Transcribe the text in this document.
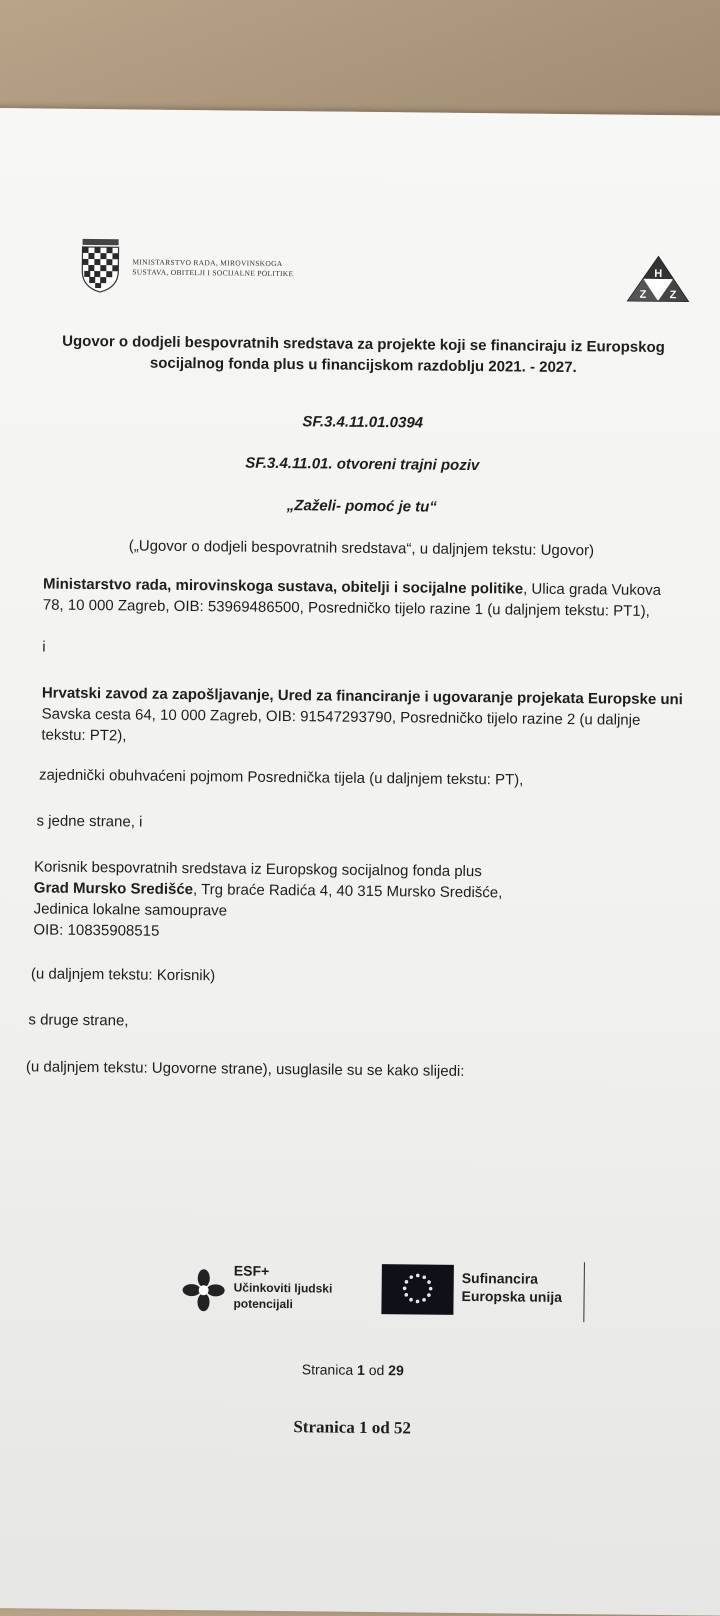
MINISTARSTVO RADA, MIROVINSKOGA
SUSTAVA, OBITELJI I SOCIJALNE POLITIKE	H
Z Z
Ugovor o dodjeli bespovratnih sredstava za projekte koji se financiraju iz Europskog
socijalnog fonda plus u financijskom razdoblju 2021. - 2027.
SF.3.4.11.01.0394
SF.3.4.11.01. otvoreni trajni poziv
„Zaželi- pomoć je tu“
(„Ugovor o dodjeli bespovratnih sredstava“, u daljnjem tekstu: Ugovor)
Ministarstvo rada, mirovinskoga sustava, obitelji i socijalne politike, Ulica grada Vukova
78, 10 000 Zagreb, OIB: 53969486500, Posredničko tijelo razine 1 (u daljnjem tekstu: PT1),
i
Hrvatski zavod za zapošljavanje, Ured za financiranje i ugovaranje projekata Europske uni
Savska cesta 64, 10 000 Zagreb, OIB: 91547293790, Posredničko tijelo razine 2 (u daljnje
tekstu: PT2),
zajednički obuhvaćeni pojmom Posrednička tijela (u daljnjem tekstu: PT),
s jedne strane, i
Korisnik bespovratnih sredstava iz Europskog socijalnog fonda plus
Grad Mursko Središće, Trg braće Radića 4, 40 315 Mursko Središće,
Jedinica lokalne samouprave
OIB: 10835908515
(u daljnjem tekstu: Korisnik)
s druge strane,
(u daljnjem tekstu: Ugovorne strane), usuglasile su se kako slijedi:
ESF+
Učinkoviti ljudski
potencijali
Sufinancira
Europska unija
Stranica 1 od 29
Stranica 1 od 52
